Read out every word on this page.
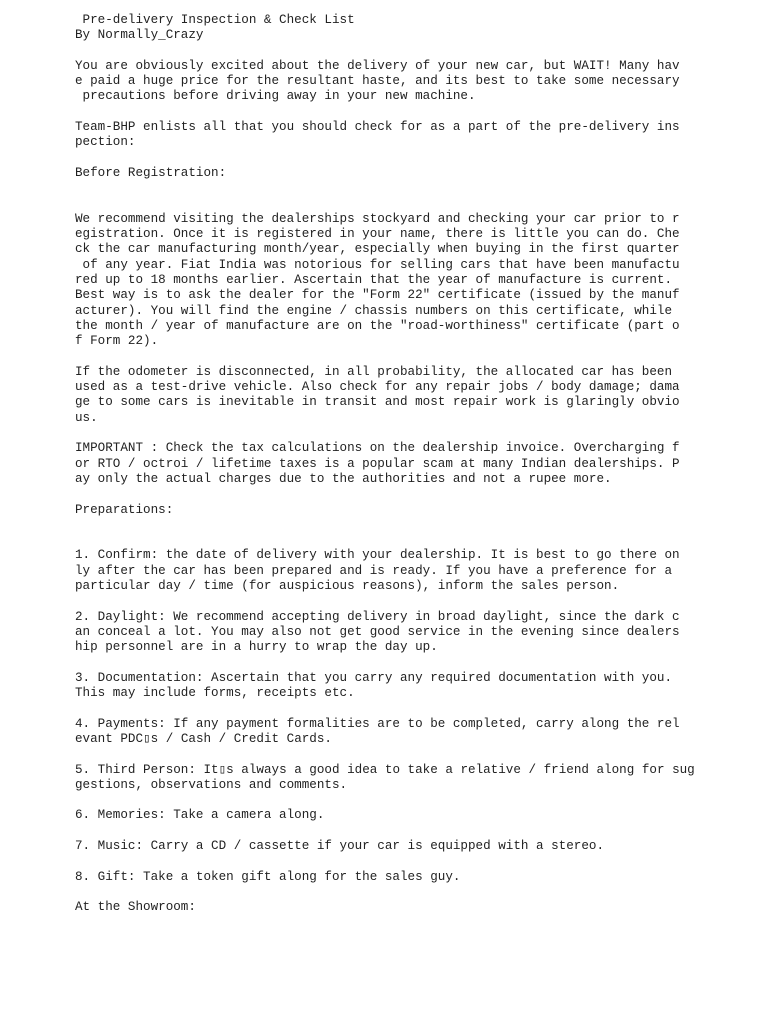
Pre-delivery Inspection & Check List
By Normally_Crazy
You are obviously excited about the delivery of your new car, but WAIT! Many hav
e paid a huge price for the resultant haste, and its best to take some necessary
precautions before driving away in your new machine.
Team-BHP enlists all that you should check for as a part of the pre-delivery ins
pection:
Before Registration:
We recommend visiting the dealerships stockyard and checking your car prior to r
egistration. Once it is registered in your name, there is little you can do. Che
ck the car manufacturing month/year, especially when buying in the first quarter
of any year. Fiat India was notorious for selling cars that have been manufactu
red up to 18 months earlier. Ascertain that the year of manufacture is current.
Best way is to ask the dealer for the "Form 22" certificate (issued by the manuf
acturer). You will find the engine / chassis numbers on this certificate, while
the month / year of manufacture are on the "road-worthiness" certificate (part o
f Form 22).
If the odometer is disconnected, in all probability, the allocated car has been
used as a test-drive vehicle. Also check for any repair jobs / body damage; dama
ge to some cars is inevitable in transit and most repair work is glaringly obvio
us.
IMPORTANT : Check the tax calculations on the dealership invoice. Overcharging f
or RTO / octroi / lifetime taxes is a popular scam at many Indian dealerships. P
ay only the actual charges due to the authorities and not a rupee more.
Preparations:
1. Confirm: the date of delivery with your dealership. It is best to go there on
ly after the car has been prepared and is ready. If you have a preference for a
particular day / time (for auspicious reasons), inform the sales person.
2. Daylight: We recommend accepting delivery in broad daylight, since the dark c
an conceal a lot. You may also not get good service in the evening since dealers
hip personnel are in a hurry to wrap the day up.
3. Documentation: Ascertain that you carry any required documentation with you.
This may include forms, receipts etc.
4. Payments: If any payment formalities are to be completed, carry along the rel
evant PDC▯s / Cash / Credit Cards.
5. Third Person: It▯s always a good idea to take a relative / friend along for sug
gestions, observations and comments.
6. Memories: Take a camera along.
7. Music: Carry a CD / cassette if your car is equipped with a stereo.
8. Gift: Take a token gift along for the sales guy.
At the Showroom:
